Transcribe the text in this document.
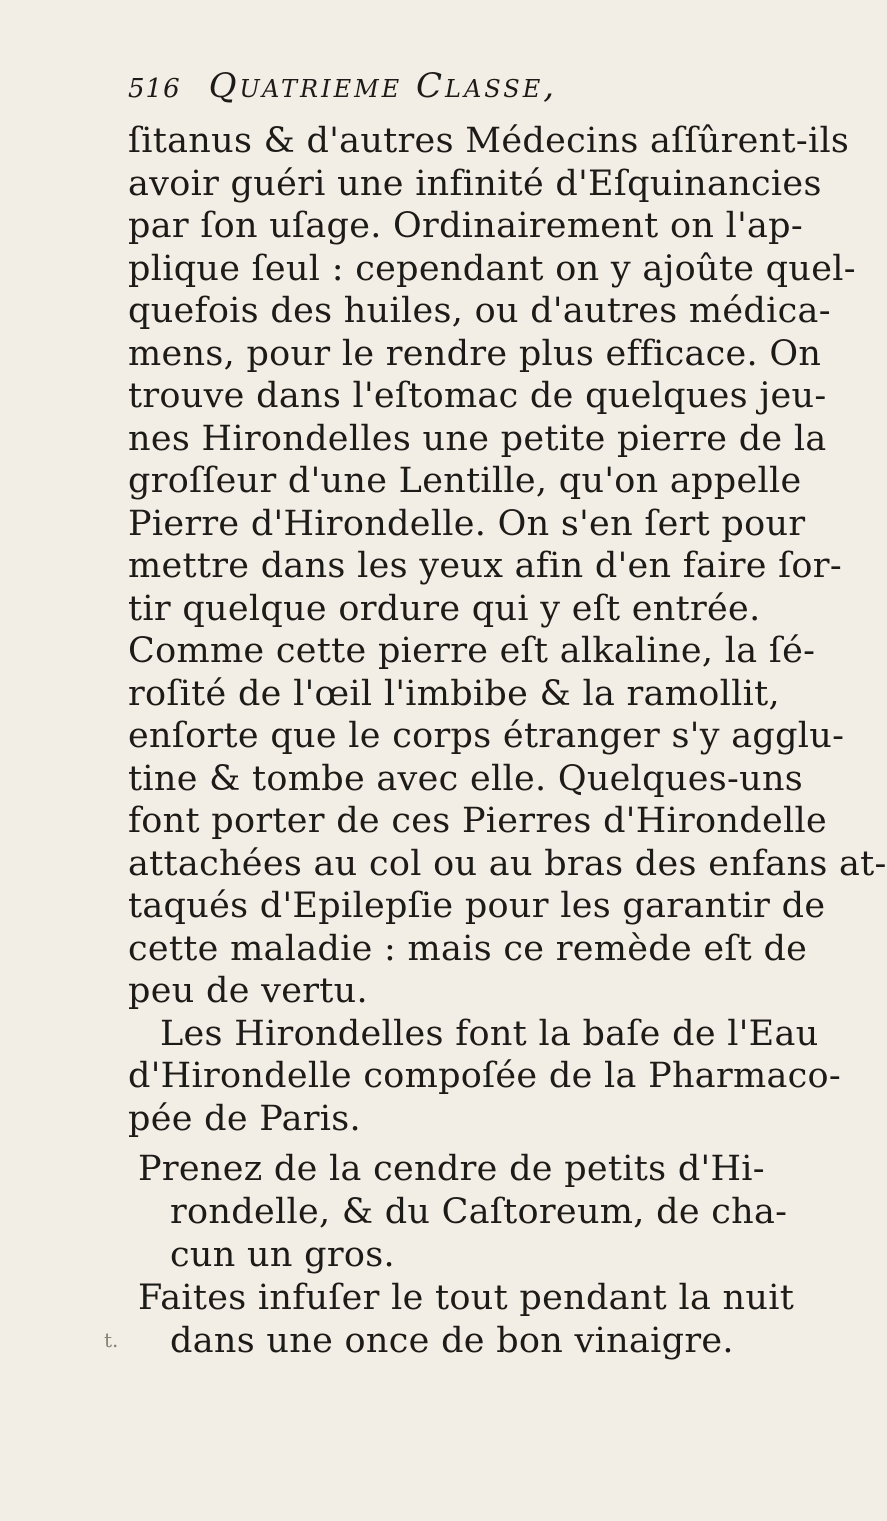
516 Quatrieme Classe,
ſitanus & d'autres Médecins aſſûrent-ils
avoir guéri une infinité d'Eſquinancies
par ſon uſage. Ordinairement on l'ap-
plique ſeul : cependant on y ajoûte quel-
quefois des huiles, ou d'autres médica-
mens, pour le rendre plus efficace. On
trouve dans l'eſtomac de quelques jeu-
nes Hirondelles une petite pierre de la
groſſeur d'une Lentille, qu'on appelle
Pierre d'Hirondelle. On s'en ſert pour
mettre dans les yeux afin d'en faire ſor-
tir quelque ordure qui y eſt entrée.
Comme cette pierre eſt alkaline, la ſé-
roſité de l'œil l'imbibe & la ramollit,
enſorte que le corps étranger s'y agglu-
tine & tombe avec elle. Quelques-uns
font porter de ces Pierres d'Hirondelle
attachées au col ou au bras des enfans at-
taqués d'Epilepſie pour les garantir de
cette maladie : mais ce remède eſt de
peu de vertu.
Les Hirondelles font la baſe de l'Eau
d'Hirondelle compoſée de la Pharmaco-
pée de Paris.
Prenez de la cendre de petits d'Hi-
rondelle, & du Caſtoreum, de cha-
cun un gros.
Faites infuſer le tout pendant la nuit
dans une once de bon vinaigre.
t.
